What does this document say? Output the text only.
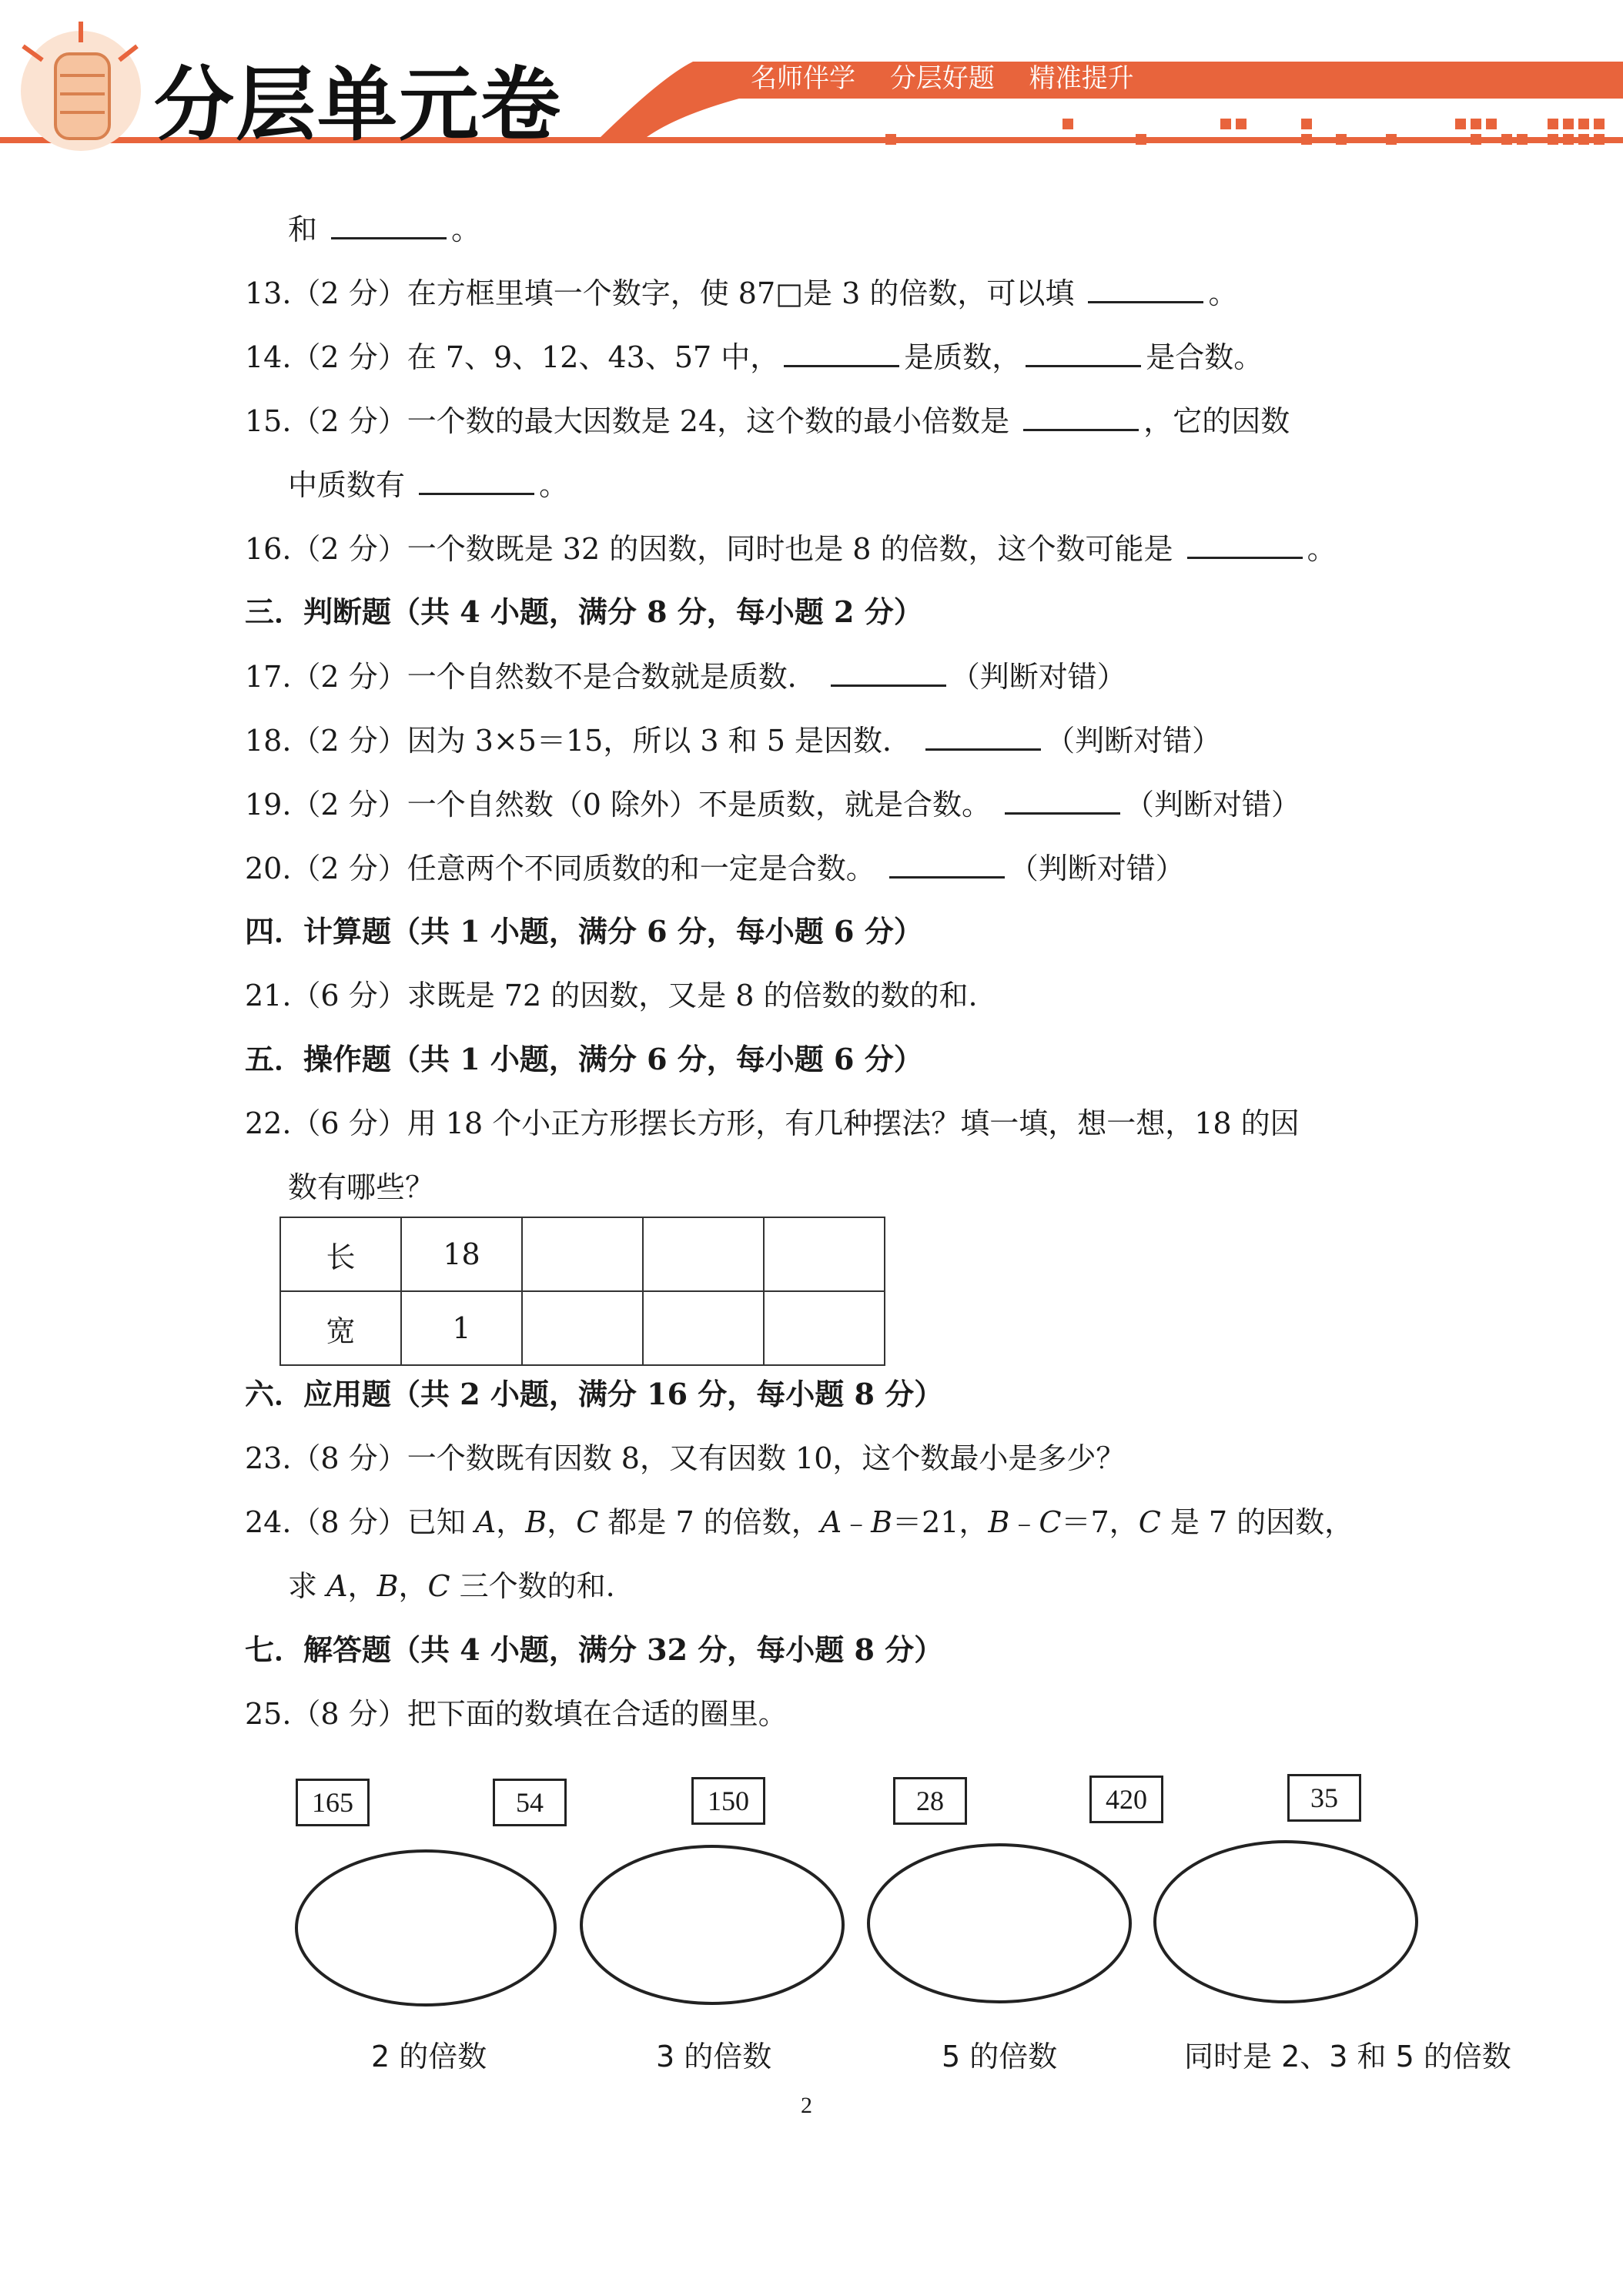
分层单元卷	名师伴学 分层好题 精准提升
和	。
13.（2 分）在方框里填一个数字，使 87□是 3 的倍数，可以填	。
14.（2 分）在 7、9、12、43、57 中，	是质数，	是合数。
15.（2 分）一个数的最大因数是 24，这个数的最小倍数是	，它的因数
中质数有	。
16.（2 分）一个数既是 32 的因数，同时也是 8 的倍数，这个数可能是	。
三．判断题（共 4 小题，满分 8 分，每小题 2 分）
17.（2 分）一个自然数不是合数就是质数．	（判断对错）
18.（2 分）因为 3×5＝15，所以 3 和 5 是因数．	（判断对错）
19.（2 分）一个自然数（0 除外）不是质数，就是合数。	（判断对错）
20.（2 分）任意两个不同质数的和一定是合数。	（判断对错）
四．计算题（共 1 小题，满分 6 分，每小题 6 分）
21.（6 分）求既是 72 的因数，又是 8 的倍数的数的和.
五．操作题（共 1 小题，满分 6 分，每小题 6 分）
22.（6 分）用 18 个小正方形摆长方形，有几种摆法？填一填，想一想，18 的因
数有哪些？
长	18			
宽	1			
六．应用题（共 2 小题，满分 16 分，每小题 8 分）
23.（8 分）一个数既有因数 8，又有因数 10，这个数最小是多少？
24.（8 分）已知 A，B，C 都是 7 的倍数，A﹣B＝21，B﹣C＝7，C 是 7 的因数，
求 A，B，C 三个数的和.
七．解答题（共 4 小题，满分 32 分，每小题 8 分）
25.（8 分）把下面的数填在合适的圈里。
165	54	150	28	420	35
2 的倍数	3 的倍数	5 的倍数	同时是 2、3 和 5 的倍数
2
